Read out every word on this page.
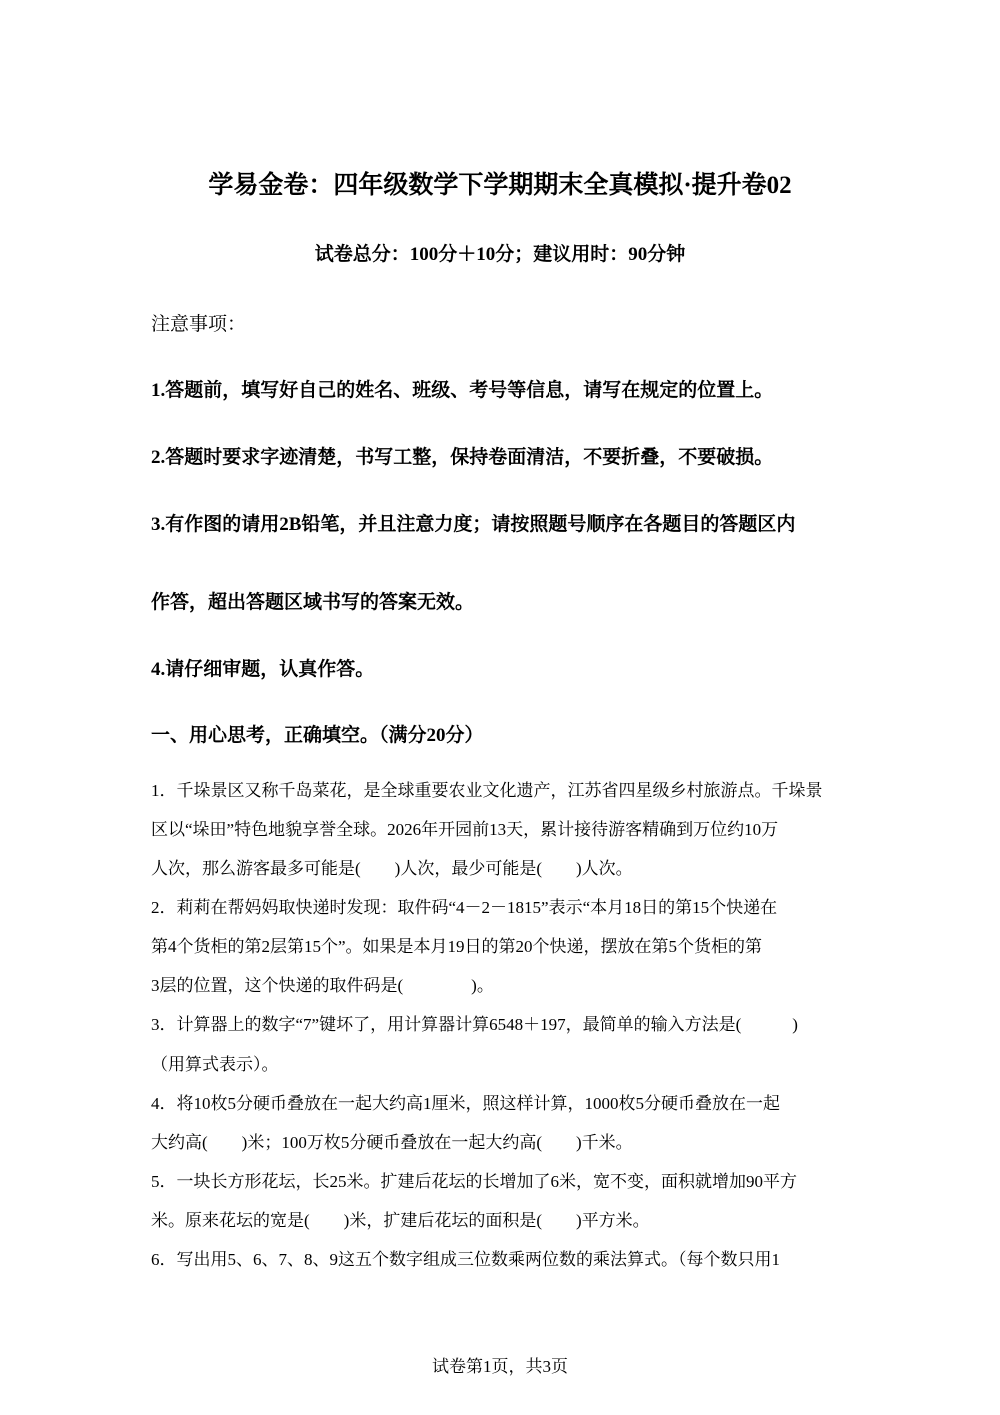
学易金卷：四年级数学下学期期末全真模拟·提升卷02
试卷总分：100分＋10分；建议用时：90分钟
注意事项：
1.答题前，填写好自己的姓名、班级、考号等信息，请写在规定的位置上。
2.答题时要求字迹清楚，书写工整，保持卷面清洁，不要折叠，不要破损。
3.有作图的请用2B铅笔，并且注意力度；请按照题号顺序在各题目的答题区内
作答，超出答题区域书写的答案无效。
4.请仔细审题，认真作答。
一、用心思考，正确填空。（满分20分）
1．千垛景区又称千岛菜花，是全球重要农业文化遗产，江苏省四星级乡村旅游点。千垛景
区以“垛田”特色地貌享誉全球。2026年开园前13天，累计接待游客精确到万位约10万
人次，那么游客最多可能是(　　)人次，最少可能是(　　)人次。
2．莉莉在帮妈妈取快递时发现：取件码“4－2－1815”表示“本月18日的第15个快递在
第4个货柜的第2层第15个”。如果是本月19日的第20个快递，摆放在第5个货柜的第
3层的位置，这个快递的取件码是(　　　　)。
3．计算器上的数字“7”键坏了，用计算器计算6548＋197，最简单的输入方法是(　　　)
（用算式表示）。
4．将10枚5分硬币叠放在一起大约高1厘米，照这样计算，1000枚5分硬币叠放在一起
大约高(　　)米；100万枚5分硬币叠放在一起大约高(　　)千米。
5．一块长方形花坛，长25米。扩建后花坛的长增加了6米，宽不变，面积就增加90平方
米。原来花坛的宽是(　　)米，扩建后花坛的面积是(　　)平方米。
6．写出用5、6、7、8、9这五个数字组成三位数乘两位数的乘法算式。（每个数只用1
试卷第1页，共3页
